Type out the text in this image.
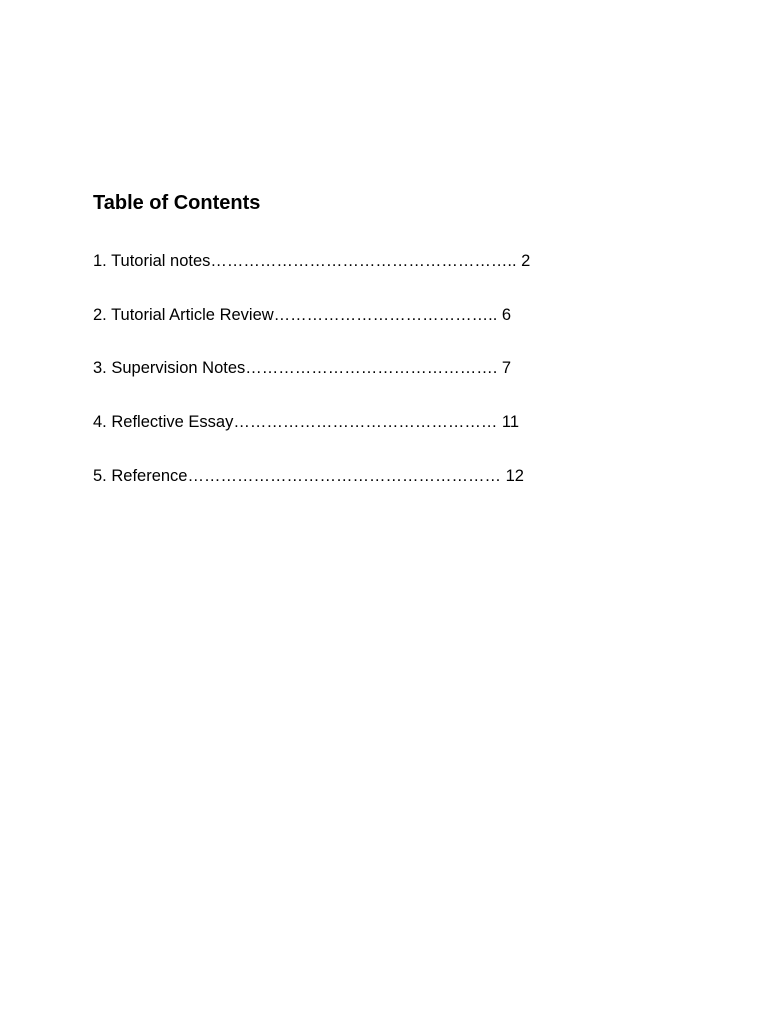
Table of Contents
1. Tutorial notes……………………………………………….. 2
2. Tutorial Article Review………………………………….. 6
3. Supervision Notes………………………………………. 7
4. Reflective Essay………………………………………… 11
5. Reference………………………………………………… 12
